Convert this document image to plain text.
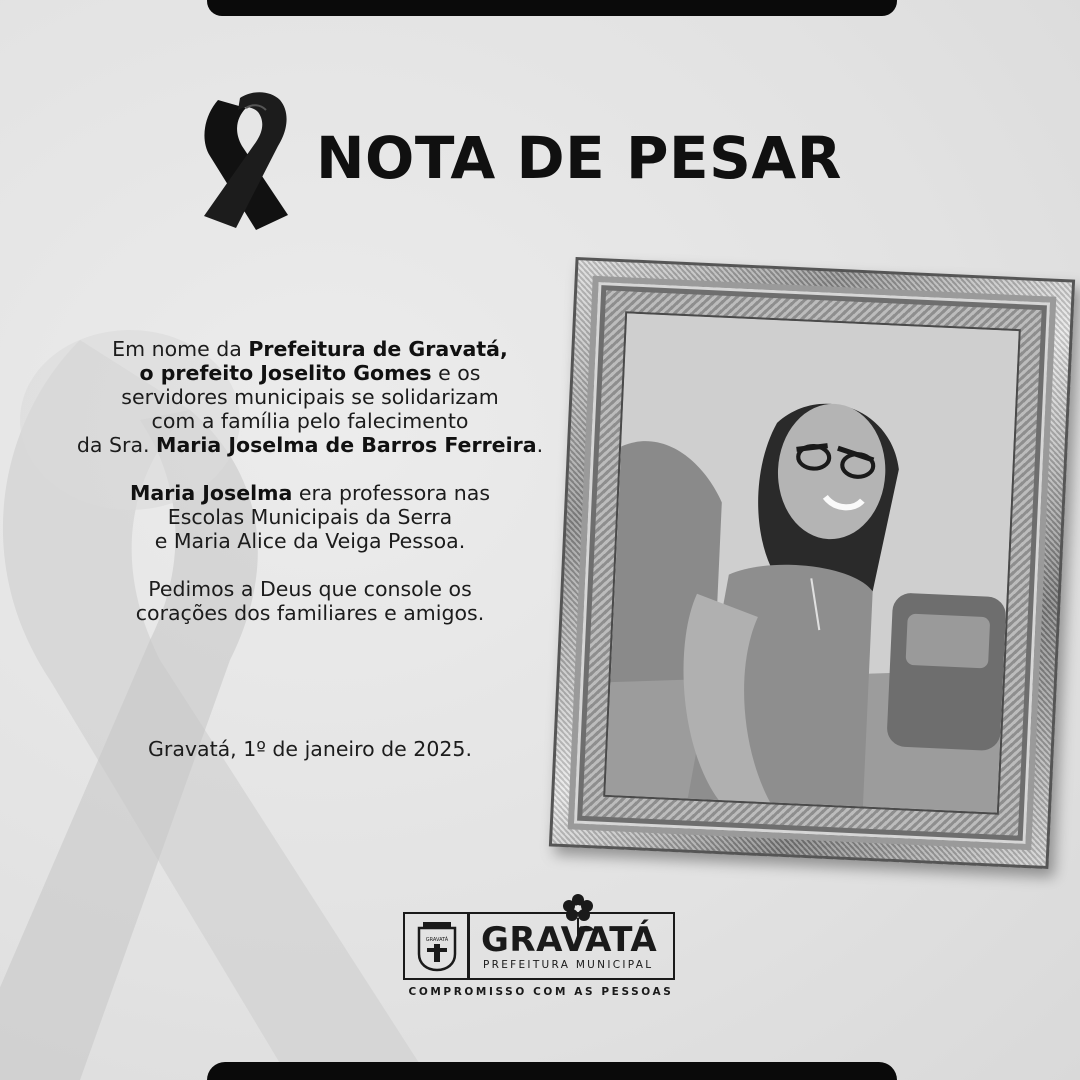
NOTA DE PESAR

Em nome da Prefeitura de Gravatá,
o prefeito Joselito Gomes e os
servidores municipais se solidarizam
com a família pelo falecimento
da Sra. Maria Joselma de Barros Ferreira.

Maria Joselma era professora nas
Escolas Municipais da Serra
e Maria Alice da Veiga Pessoa.

Pedimos a Deus que console os
corações dos familiares e amigos.

Gravatá, 1º de janeiro de 2025.
GRAVATÁ GRAVATÁ
PREFEITURA MUNICIPAL
COMPROMISSO COM AS PESSOAS
